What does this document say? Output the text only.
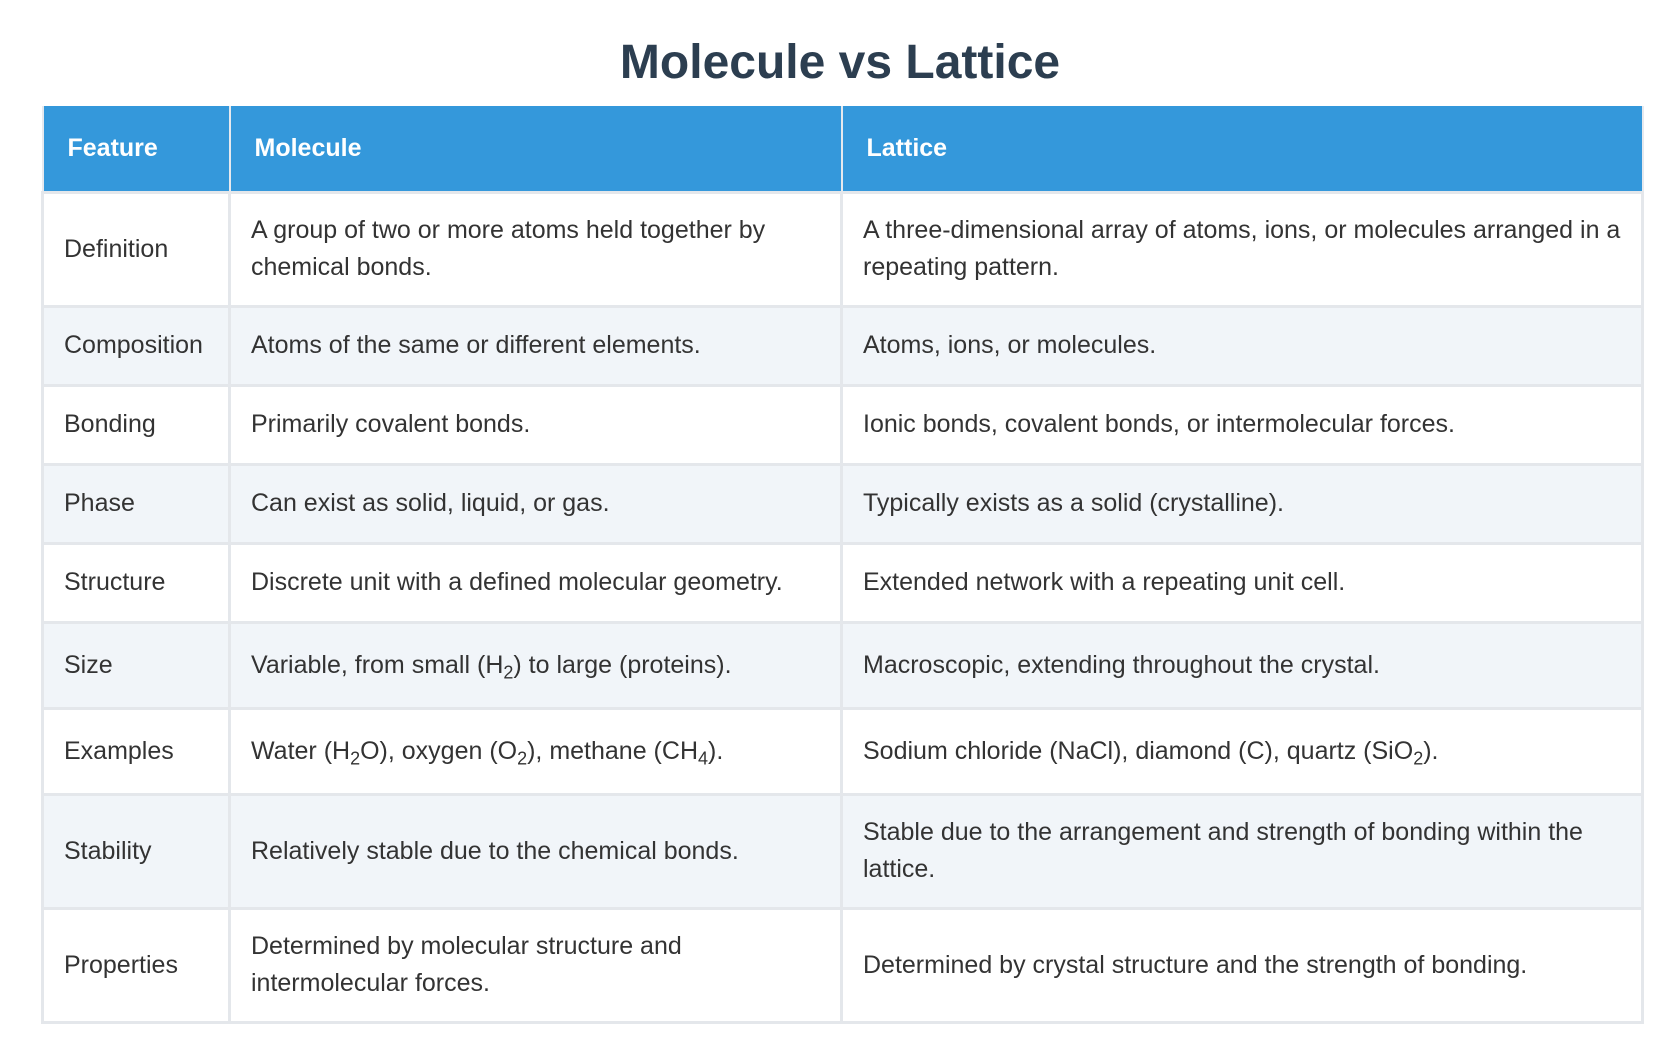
Molecule vs Lattice
Feature	Molecule	Lattice
Definition	A group of two or more atoms held together by chemical bonds.	A three-dimensional array of atoms, ions, or molecules arranged in a repeating pattern.
Composition	Atoms of the same or different elements.	Atoms, ions, or molecules.
Bonding	Primarily covalent bonds.	Ionic bonds, covalent bonds, or intermolecular forces.
Phase	Can exist as solid, liquid, or gas.	Typically exists as a solid (crystalline).
Structure	Discrete unit with a defined molecular geometry.	Extended network with a repeating unit cell.
Size	Variable, from small $(H_2)$ to large (proteins).	Macroscopic, extending throughout the crystal.
Examples	Water $(H_2O)$, oxygen $(O_2)$, methane $(CH_4)$.	Sodium chloride (NaCl), diamond (C), quartz (SiO$_2$).
Stability	Relatively stable due to the chemical bonds.	Stable due to the arrangement and strength of bonding within the lattice.
Properties	Determined by molecular structure and intermolecular forces.	Determined by crystal structure and the strength of bonding.
